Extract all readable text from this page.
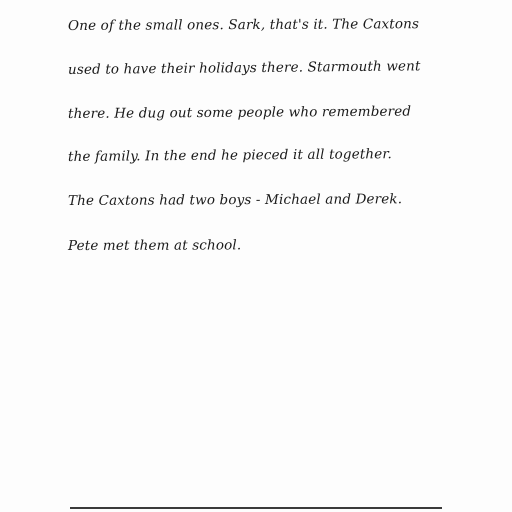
One of the small ones. Sark, that's it. The Caxtons
used to have their holidays there. Starmouth went
there. He dug out some people who remembered
the family. In the end he pieced it all together.
The Caxtons had two boys - Michael and Derek.
Pete met them at school.
